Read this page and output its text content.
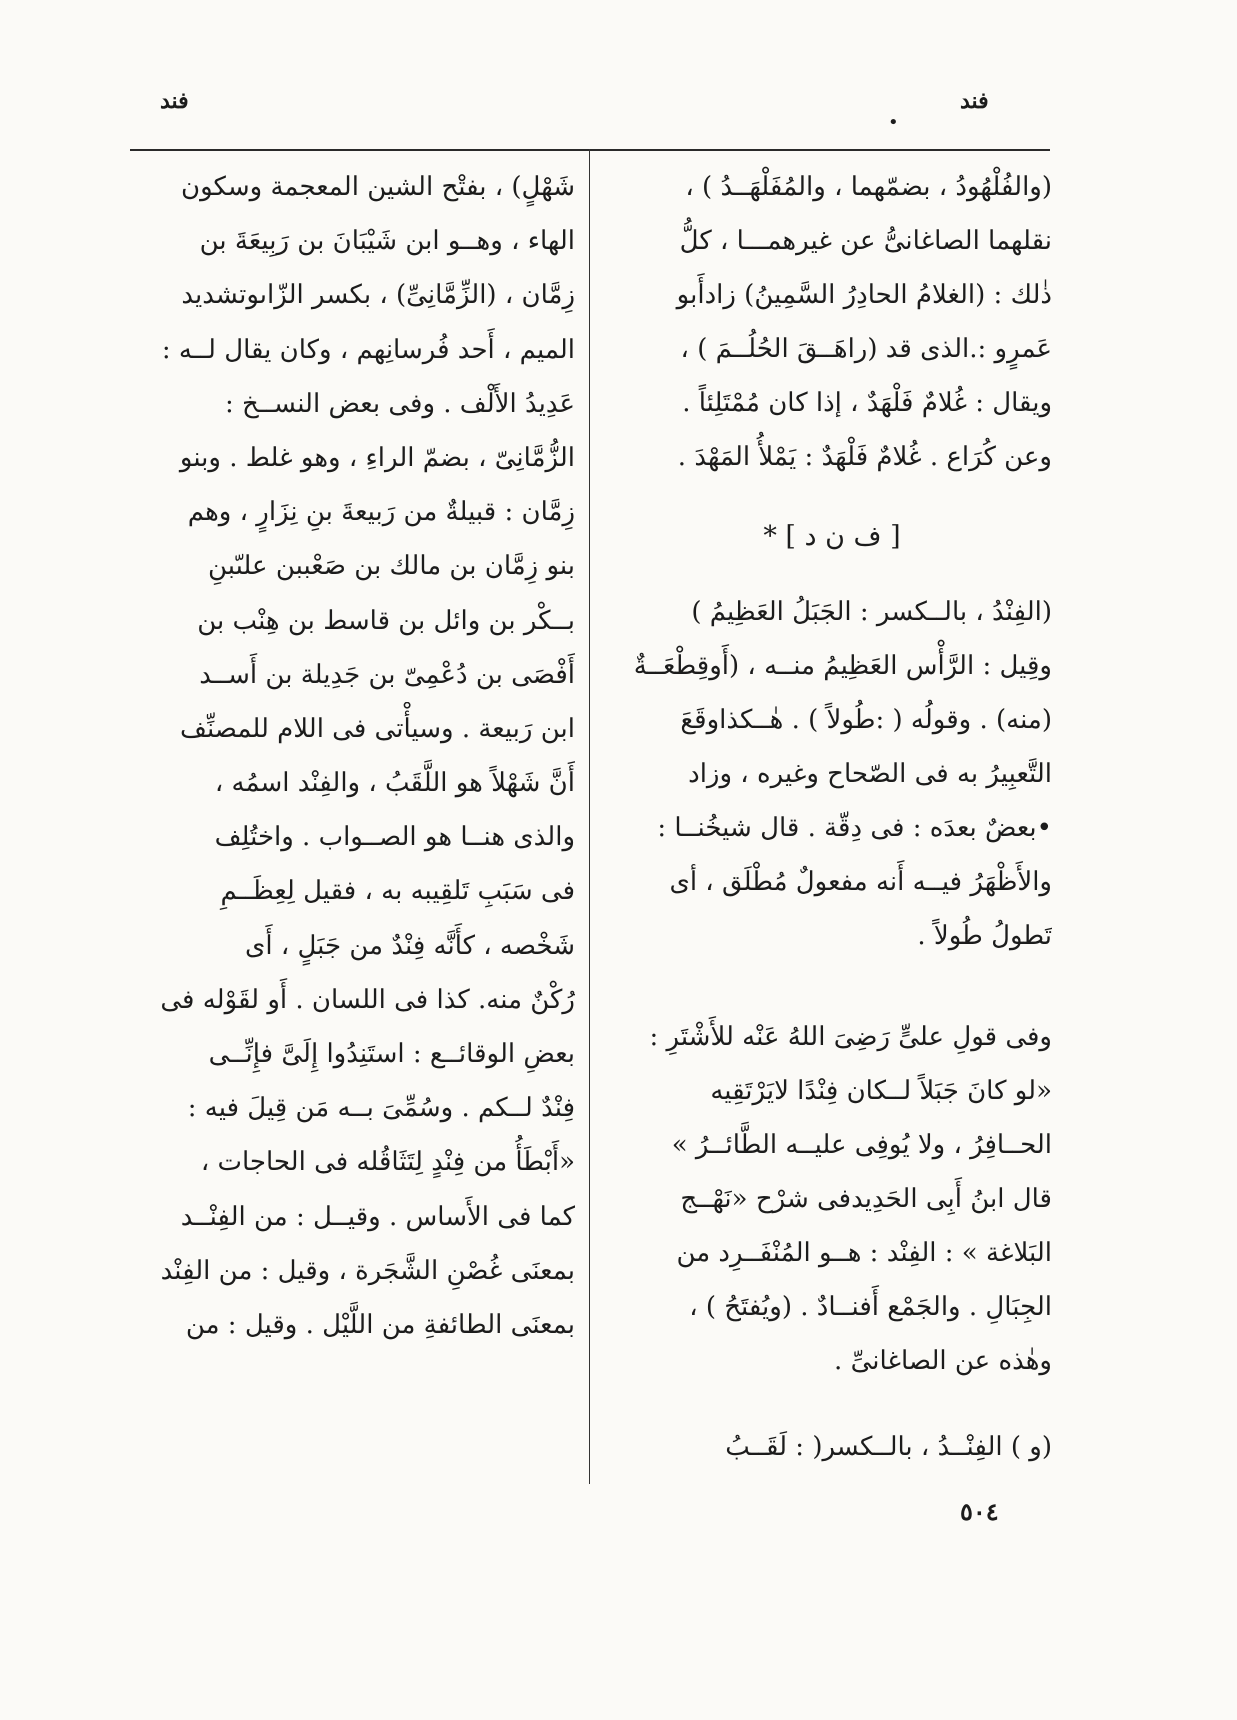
فند
فند
•
(والفُلْهُودُ ، بضمّهما ، والمُفَلْهَــدُ ) ،
نقلهما الصاغانىُّ عن غيرهمـــا ، كلُّ
ذٰلك : (الغلامُ الحادِرُ السَّمِينُ) زادأَبو
عَمرٍو :.الذى قد (راهَــقَ الحُلُــمَ ) ،
ويقال : غُلامٌ فَلْهَدٌ ، إذا كان مُمْتَلِئاً .
وعن كُرَاع . غُلامٌ فَلْهَدٌ : يَمْلأُ المَهْدَ .
[ ف ن د ] *
(الفِنْدُ ، بالــكسر : الجَبَلُ العَظِيمُ )
وقِيل : الرَّأْس العَظِيمُ منــه ، (أَوقِطْعَــةٌ
(منه) . وقولُه ( :طُولاً ) . هٰــكذاوقَعَ
التَّعبِيرُ به فى الصّحاح وغيره ، وزاد
•بعضٌ بعدَه : فى دِقّة . قال شيخُنــا :
والأَظْهَرُ فيــه أَنه مفعولٌ مُطْلَق ، أى
تَطولُ طُولاً .
وفى قولِ علىٍّ رَضِىَ اللهُ عَنْه للأَشْتَرِ :
«لو كانَ جَبَلاً لــكان فِنْدًا لايَرْتَقِيه
الحــافِرُ ، ولا يُوفِى عليــه الطَّائــرُ »
قال ابنُ أَبِى الحَدِيدفى شرْح «نَهْــج
البَلاغة » : الفِنْد : هــو المُنْفَــرِد من
الجِبَالِ . والجَمْع أَفنــادٌ . (ويُفتَحُ ) ،
وهٰذه عن الصاغانىِّ .
(و ) الفِنْــدُ ، بالــكسر( : لَقَــبُ
شَهْلٍ) ، بفتْح الشين المعجمة وسكون
الهاء ، وهــو ابن شَيْبَانَ بن رَبِيعَةَ بن
زِمَّان ، (الزِّمَّانِىِّ) ، بكسر الزّاىوتشديد
الميم ، أَحد فُرسانِهم ، وكان يقال لــه :
عَدِيدُ الأَلْف . وفى بعض النســخ :
الزُّمَّانِىّ ، بضمّ الراءِ ، وهو غلط . وبنو
زِمَّان : قبيلةٌ من رَبيعةَ بنِ نِزَارٍ ، وهم
بنو زِمَّان بن مالك بن صَعْببن علىّبنِ
بــكْر بن وائل بن قاسط بن هِنْب بن
أَفْصَى بن دُعْمِىّ بن جَدِيلة بن أَســد
ابن رَبيعة . وسيأْتى فى اللام للمصنِّف
أَنَّ شَهْلاً هو اللَّقَبُ ، والفِنْد اسمُه ،
والذى هنــا هو الصــواب . واختُلِف
فى سَبَبِ تَلقِيبه به ، فقيل لِعِظَــمِ
شَخْصه ، كأَنَّه فِنْدٌ من جَبَلٍ ، أَى
رُكْنٌ منه. كذا فى اللسان . أَو لقَوْله فى
بعضِ الوقائــع : استَنِدُوا إِلَىَّ فإِنِّــى
فِنْدٌ لــكم . وسُمِّىَ بــه مَن قِيلَ فيه :
«أَبْطَأُ من فِنْدٍ لِتَثَاقُله فى الحاجات ،
كما فى الأَساس . وقيــل : من الفِنْــد
بمعنَى غُصْنِ الشَّجَرة ، وقيل : من الفِنْد
بمعنَى الطائفةِ من اللَّيْل . وقيل : من
٥٠٤
